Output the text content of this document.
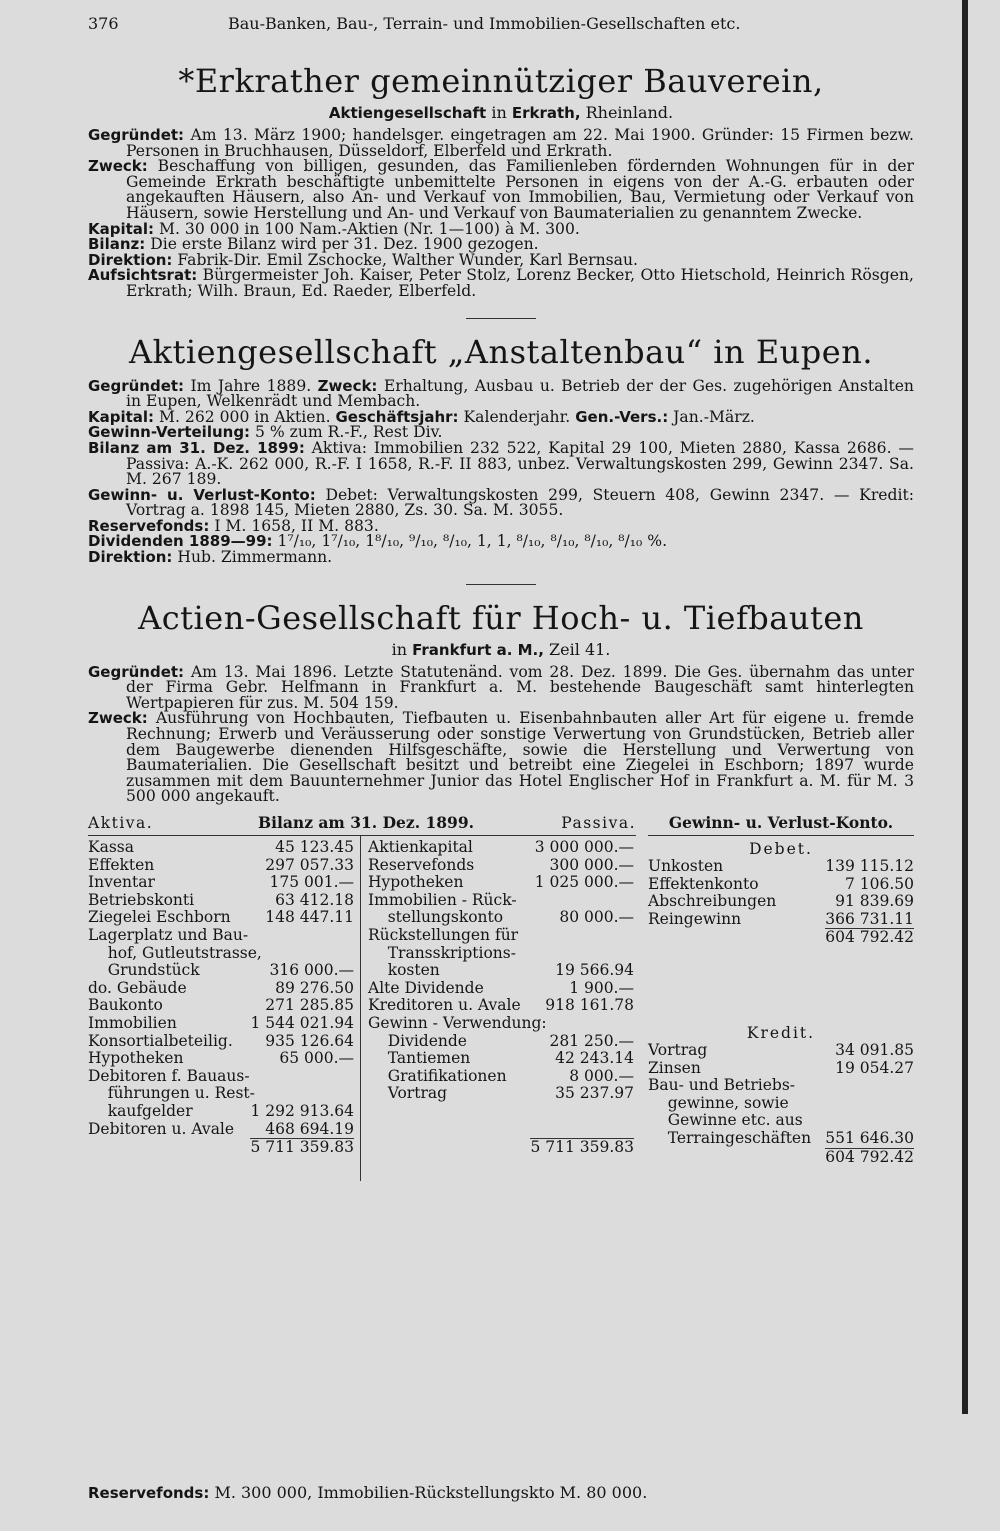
376	Bau-Banken, Bau-, Terrain- und Immobilien-Gesellschaften etc.
*Erkrather gemeinnütziger Bauverein,
Aktiengesellschaft in Erkrath, Rheinland.

Gegründet: Am 13. März 1900; handelsger. eingetragen am 22. Mai 1900. Gründer: 15 Firmen bezw. Personen in Bruchhausen, Düsseldorf, Elberfeld und Erkrath.

Zweck: Beschaffung von billigen, gesunden, das Familienleben fördernden Wohnungen für in der Gemeinde Erkrath beschäftigte unbemittelte Personen in eigens von der A.-G. erbauten oder angekauften Häusern, also An- und Verkauf von Immobilien, Bau, Vermietung oder Verkauf von Häusern, sowie Herstellung und An- und Verkauf von Baumaterialien zu genanntem Zwecke.

Kapital: M. 30 000 in 100 Nam.-Aktien (Nr. 1—100) à M. 300.

Bilanz: Die erste Bilanz wird per 31. Dez. 1900 gezogen.

Direktion: Fabrik-Dir. Emil Zschocke, Walther Wunder, Karl Bernsau.

Aufsichtsrat: Bürgermeister Joh. Kaiser, Peter Stolz, Lorenz Becker, Otto Hietschold, Heinrich Rösgen, Erkrath; Wilh. Braun, Ed. Raeder, Elberfeld.

Aktiengesellschaft „Anstaltenbau“ in Eupen.

Gegründet: Im Jahre 1889. Zweck: Erhaltung, Ausbau u. Betrieb der der Ges. zugehörigen Anstalten in Eupen, Welkenrädt und Membach.

Kapital: M. 262 000 in Aktien. Geschäftsjahr: Kalenderjahr. Gen.-Vers.: Jan.-März.

Gewinn-Verteilung: 5 % zum R.-F., Rest Div.

Bilanz am 31. Dez. 1899: Aktiva: Immobilien 232 522, Kapital 29 100, Mieten 2880, Kassa 2686. — Passiva: A.-K. 262 000, R.-F. I 1658, R.-F. II 883, unbez. Verwaltungskosten 299, Gewinn 2347. Sa. M. 267 189.

Gewinn- u. Verlust-Konto: Debet: Verwaltungskosten 299, Steuern 408, Gewinn 2347. — Kredit: Vortrag a. 1898 145, Mieten 2880, Zs. 30. Sa. M. 3055.

Reservefonds: I M. 1658, II M. 883.

Dividenden 1889—99: 1⁷/₁₀, 1⁷/₁₀, 1⁸/₁₀, ⁹/₁₀, ⁸/₁₀, 1, 1, ⁸/₁₀, ⁸/₁₀, ⁸/₁₀, ⁸/₁₀ %.

Direktion: Hub. Zimmermann.

Actien-Gesellschaft für Hoch- u. Tiefbauten
in Frankfurt a. M., Zeil 41.

Gegründet: Am 13. Mai 1896. Letzte Statutenänd. vom 28. Dez. 1899. Die Ges. übernahm das unter der Firma Gebr. Helfmann in Frankfurt a. M. bestehende Baugeschäft samt hinterlegten Wertpapieren für zus. M. 504 159.

Zweck: Ausführung von Hochbauten, Tiefbauten u. Eisenbahnbauten aller Art für eigene u. fremde Rechnung; Erwerb und Veräusserung oder sonstige Verwertung von Grundstücken, Betrieb aller dem Baugewerbe dienenden Hilfsgeschäfte, sowie die Herstellung und Verwertung von Baumaterialien. Die Gesellschaft besitzt und betreibt eine Ziegelei in Eschborn; 1897 wurde zusammen mit dem Bauunternehmer Junior das Hotel Englischer Hof in Frankfurt a. M. für M. 3 500 000 angekauft.

Aktiva.	Bilanz am 31. Dez. 1899.	Passiva.
Kassa	45 123.45
Effekten	297 057.33
Inventar	175 001.—
Betriebskonti	63 412.18
Ziegelei Eschborn 148 447.11
Lagerplatz und Bau-
hof, Gutleutstrasse,
Grundstück	316 000.—
do. Gebäude	89 276.50
Baukonto	271 285.85
Immobilien	1 544 021.94
Konsortialbeteilig. 935 126.64
Hypotheken	65 000.—
Debitoren f. Bauaus-
führungen u. Rest-
kaufgelder	1 292 913.64
Debitoren u. Avale 468 694.19
5 711 359.83
Aktienkapital	3 000 000.—
Reservefonds	300 000.—
Hypotheken	1 025 000.—
Immobilien - Rück-
stellungskonto	80 000.—
Rückstellungen für
Transskriptions-
kosten	19 566.94
Alte Dividende	1 900.—
Kreditoren u. Avale 918 161.78
Gewinn - Verwendung:
Dividende	281 250.—
Tantiemen	42 243.14
Gratifikationen	8 000.—
Vortrag	35 237.97
5 711 359.83
Gewinn- u. Verlust-Konto.
Debet.
Unkosten	139 115.12
Effektenkonto	7 106.50
Abschreibungen	91 839.69
Reingewinn	366 731.11
604 792.42
Kredit.
Vortrag	34 091.85
Zinsen	19 054.27
Bau- und Betriebs-
gewinne, sowie
Gewinne etc. aus
Terraingeschäften 551 646.30
604 792.42
Reservefonds: M. 300 000, Immobilien-Rückstellungskto M. 80 000.
